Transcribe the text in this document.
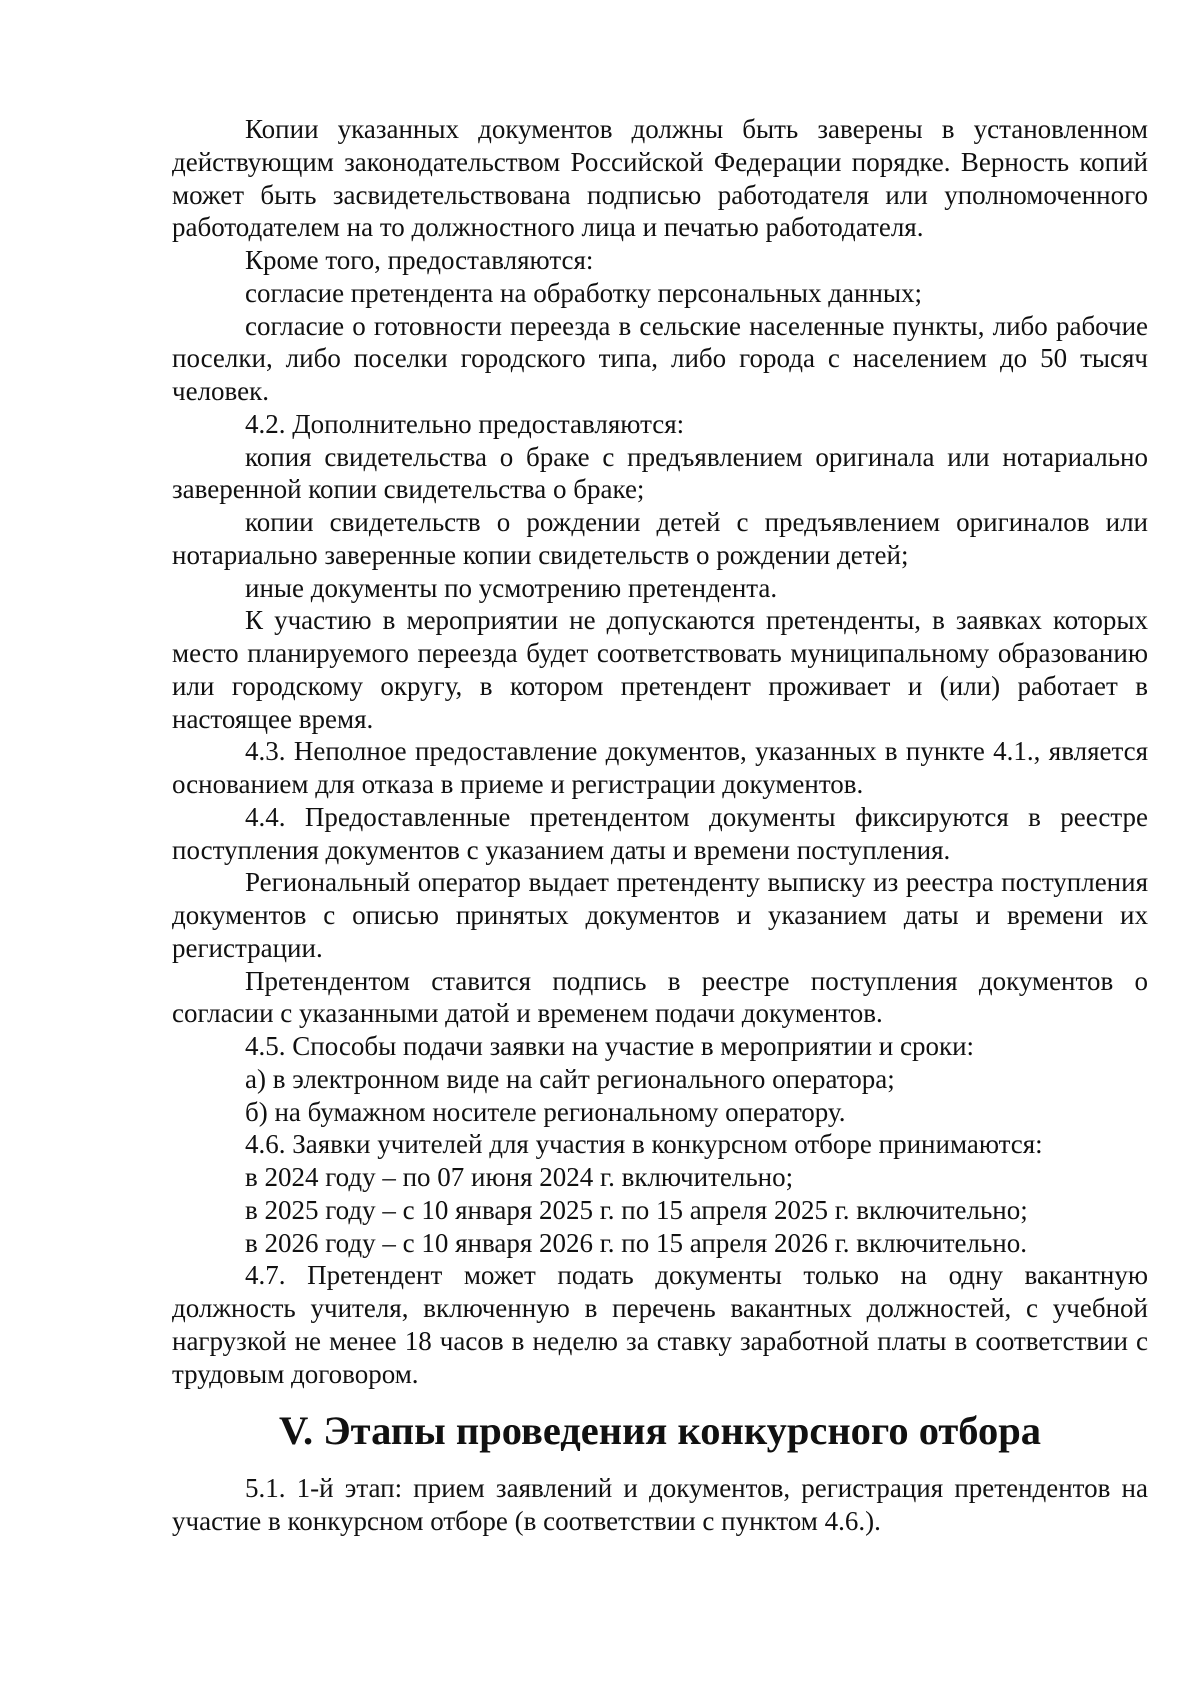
Копии указанных документов должны быть заверены в установленном действующим законодательством Российской Федерации порядке. Верность копий может быть засвидетельствована подписью работодателя или уполномоченного работодателем на то должностного лица и печатью работодателя.

Кроме того, предоставляются:

согласие претендента на обработку персональных данных;

согласие о готовности переезда в сельские населенные пункты, либо рабочие поселки, либо поселки городского типа, либо города с населением до 50 тысяч человек.

4.2. Дополнительно предоставляются:

копия свидетельства о браке с предъявлением оригинала или нотариально заверенной копии свидетельства о браке;

копии свидетельств о рождении детей с предъявлением оригиналов или нотариально заверенные копии свидетельств о рождении детей;

иные документы по усмотрению претендента.

К участию в мероприятии не допускаются претенденты, в заявках которых место планируемого переезда будет соответствовать муниципальному образованию или городскому округу, в котором претендент проживает и (или) работает в настоящее время.

4.3. Неполное предоставление документов, указанных в пункте 4.1., является основанием для отказа в приеме и регистрации документов.

4.4. Предоставленные претендентом документы фиксируются в реестре поступления документов с указанием даты и времени поступления.

Региональный оператор выдает претенденту выписку из реестра поступления документов с описью принятых документов и указанием даты и времени их регистрации.

Претендентом ставится подпись в реестре поступления документов о согласии с указанными датой и временем подачи документов.

4.5. Способы подачи заявки на участие в мероприятии и сроки:

а) в электронном виде на сайт регионального оператора;

б) на бумажном носителе региональному оператору.

4.6. Заявки учителей для участия в конкурсном отборе принимаются:

в 2024 году – по 07 июня 2024 г. включительно;

в 2025 году – с 10 января 2025 г. по 15 апреля 2025 г. включительно;

в 2026 году – с 10 января 2026 г. по 15 апреля 2026 г. включительно.

4.7. Претендент может подать документы только на одну вакантную должность учителя, включенную в перечень вакантных должностей, с учебной нагрузкой не менее 18 часов в неделю за ставку заработной платы в соответствии с трудовым договором.

V. Этапы проведения конкурсного отбора

5.1. 1-й этап: прием заявлений и документов, регистрация претендентов на участие в конкурсном отборе (в соответствии с пунктом 4.6.).
